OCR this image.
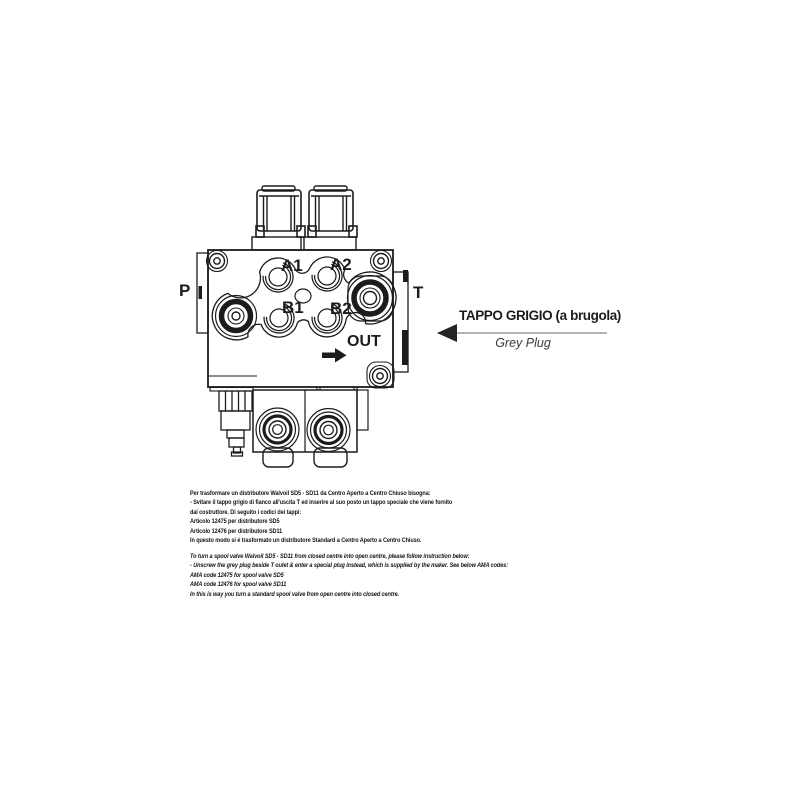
P	T
A1 A2
B1 B2
OUT
TAPPO GRIGIO (a brugola)
Grey Plug
Per trasformare un distributore Walvoil SD5 - SD11 da Centro Aperto a Centro Chiuso bisogna:
- Svitare il tappo grigio di fianco all'uscita T ed inserire al suo posto un tappo speciale che viene fornito
dal costruttore. Di seguito i codici dei tappi:
Articolo 12475 per distributore SD5
Articolo 12476 per distributore SD11
In questo modo si é trasformato un distributore Standard a Centro Aperto a Centro Chiuso.
To turn a spool valve Walvoil SD5 - SD11 from closed centre into open centre, please follow instruction below:
- Unscrew the grey plug beside T oulet & enter a special plug instead, which is supplied by the maker. See below AMA codes:
AMA code 12475 for spool valve SD5
AMA code 12476 for spool valve SD11
In this is way you turn a standard spool valve from open centre into closed centre.
